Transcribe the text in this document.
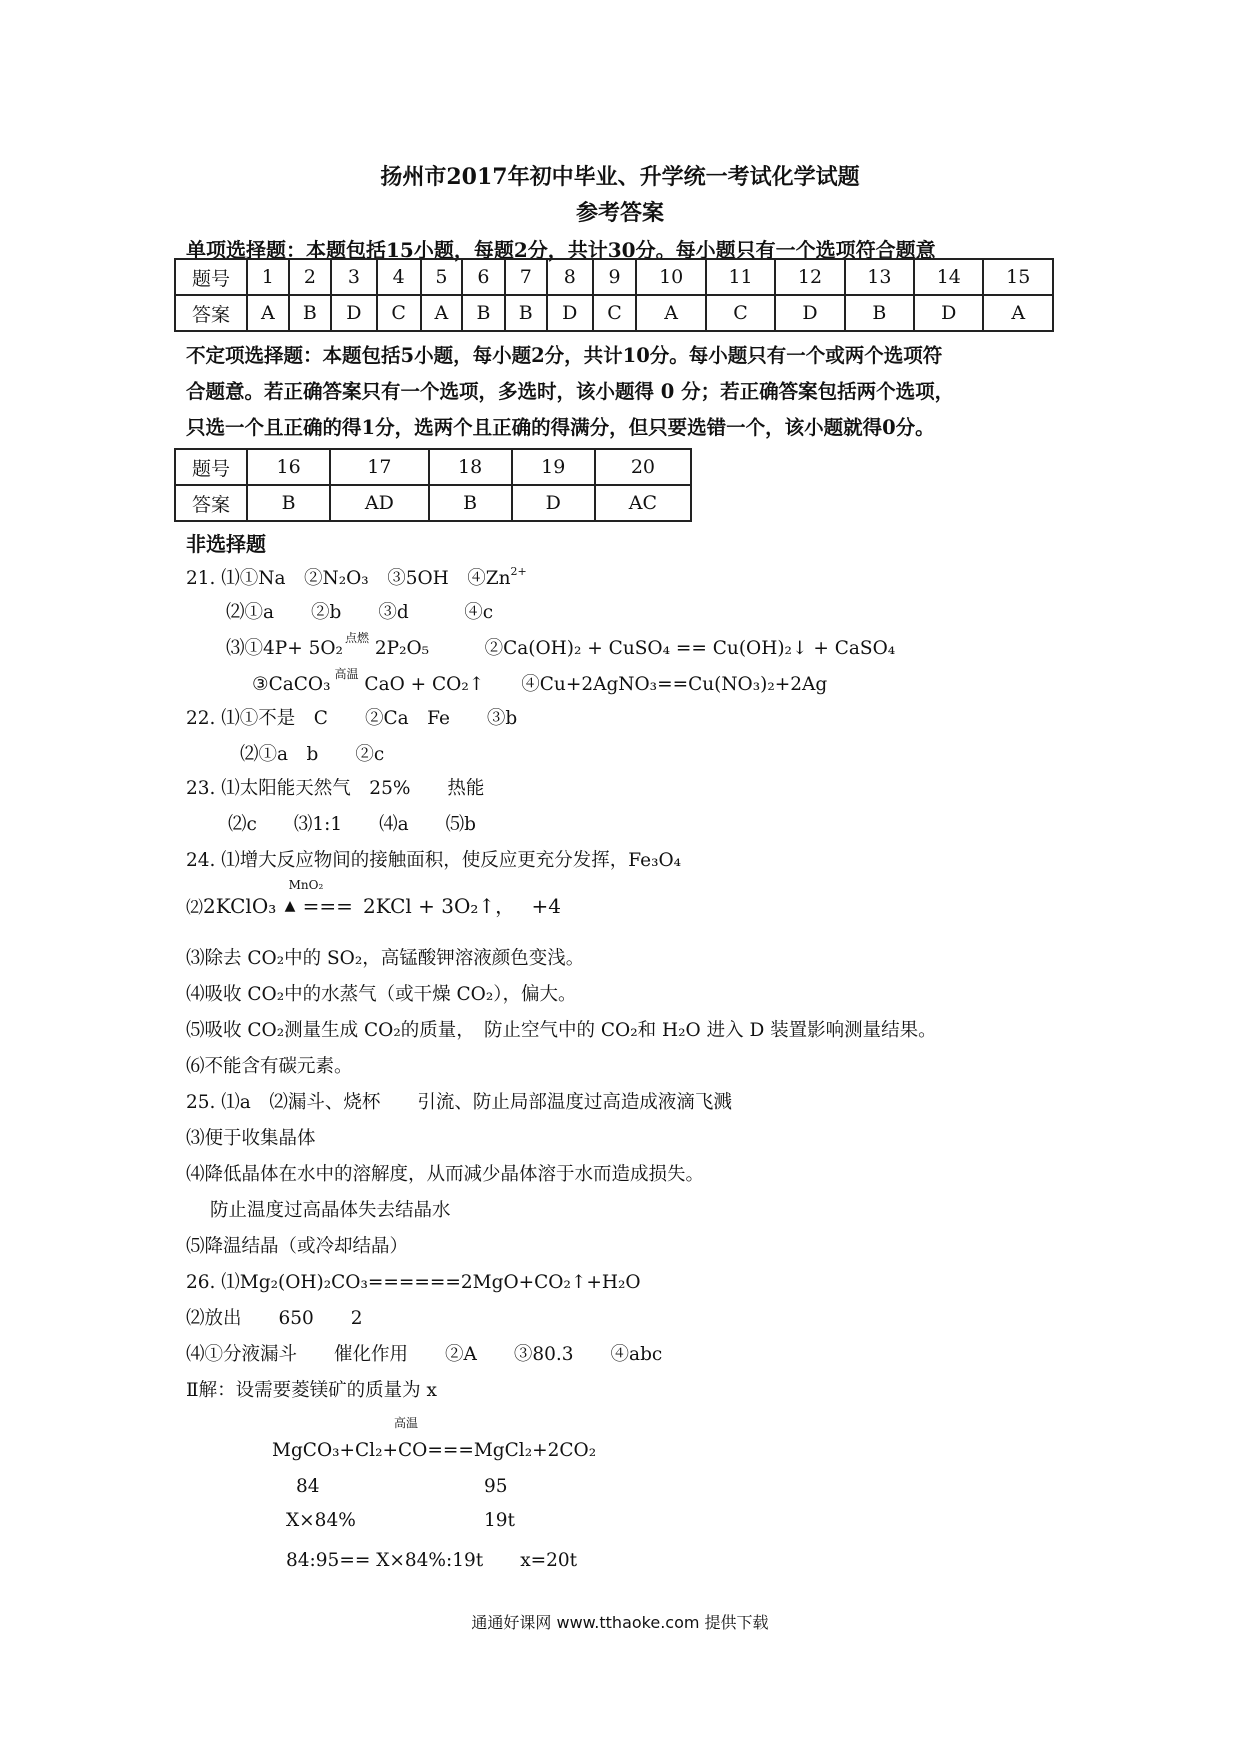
扬州市2017年初中毕业、升学统一考试化学试题
参考答案
单项选择题：本题包括15小题，每题2分，共计30分。每小题只有一个选项符合题意
题号	1	2	3	4	5	6	7	8	9	10	11	12	13	14	15
答案	A	B	D	C	A	B	B	D	C	A	C	D	B	D	A
不定项选择题：本题包括5小题，每小题2分，共计10分。每小题只有一个或两个选项符
合题意。若正确答案只有一个选项，多选时，该小题得 0 分；若正确答案包括两个选项，
只选一个且正确的得1分，选两个且正确的得满分，但只要选错一个，该小题就得0分。
题号	16	17	18	19	20
答案	B	AD	B	D	AC
非选择题
21. ⑴①Na　②N₂O₃　③5OH　$④Zn^{2+}$
⑵①a　　②b　　③d　　　④c
⑶①4P+ 5O₂ $^{点燃}$ 2P₂O₅　　　②Ca(OH)₂ + CuSO₄ == Cu(OH)₂↓ + CaSO₄
③CaCO₃ $^{高温}$ CaO + CO₂↑　　④Cu+2AgNO₃==Cu(NO₃)₂+2Ag
22. ⑴①不是　C　　②Ca　Fe　　③b
⑵①a　b　　②c
23. ⑴太阳能天然气　25%　　热能
⑵c　　⑶1:1　　⑷a　　⑸b
24. ⑴增大反应物间的接触面积，使反应更充分发挥，Fe₃O₄
⑵2KClO₃
MnO₂
▲ === 2KCl + 3O₂↑，　 +4
⑶除去 CO₂中的 SO₂，高锰酸钾溶液颜色变浅。
⑷吸收 CO₂中的水蒸气（或干燥 CO₂），偏大。
⑸吸收 CO₂测量生成 CO₂的质量，　防止空气中的 CO₂和 H₂O 进入 D 装置影响测量结果。
⑹不能含有碳元素。
25. ⑴a　⑵漏斗、烧杯　　引流、防止局部温度过高造成液滴飞溅
⑶便于收集晶体
⑷降低晶体在水中的溶解度，从而减少晶体溶于水而造成损失。
防止温度过高晶体失去结晶水
⑸降温结晶（或冷却结晶）
26. ⑴Mg₂(OH)₂CO₃======2MgO+CO₂↑+H₂O
⑵放出　　650　　2
⑷①分液漏斗　　催化作用　　②A　　③80.3　　④abc
Ⅱ解：设需要菱镁矿的质量为 x
高温
MgCO₃+Cl₂+CO===MgCl₂+2CO₂
84	95
X×84%	19t
84:95== X×84%:19t　　x=20t
通通好课网 www.tthaoke.com 提供下载
